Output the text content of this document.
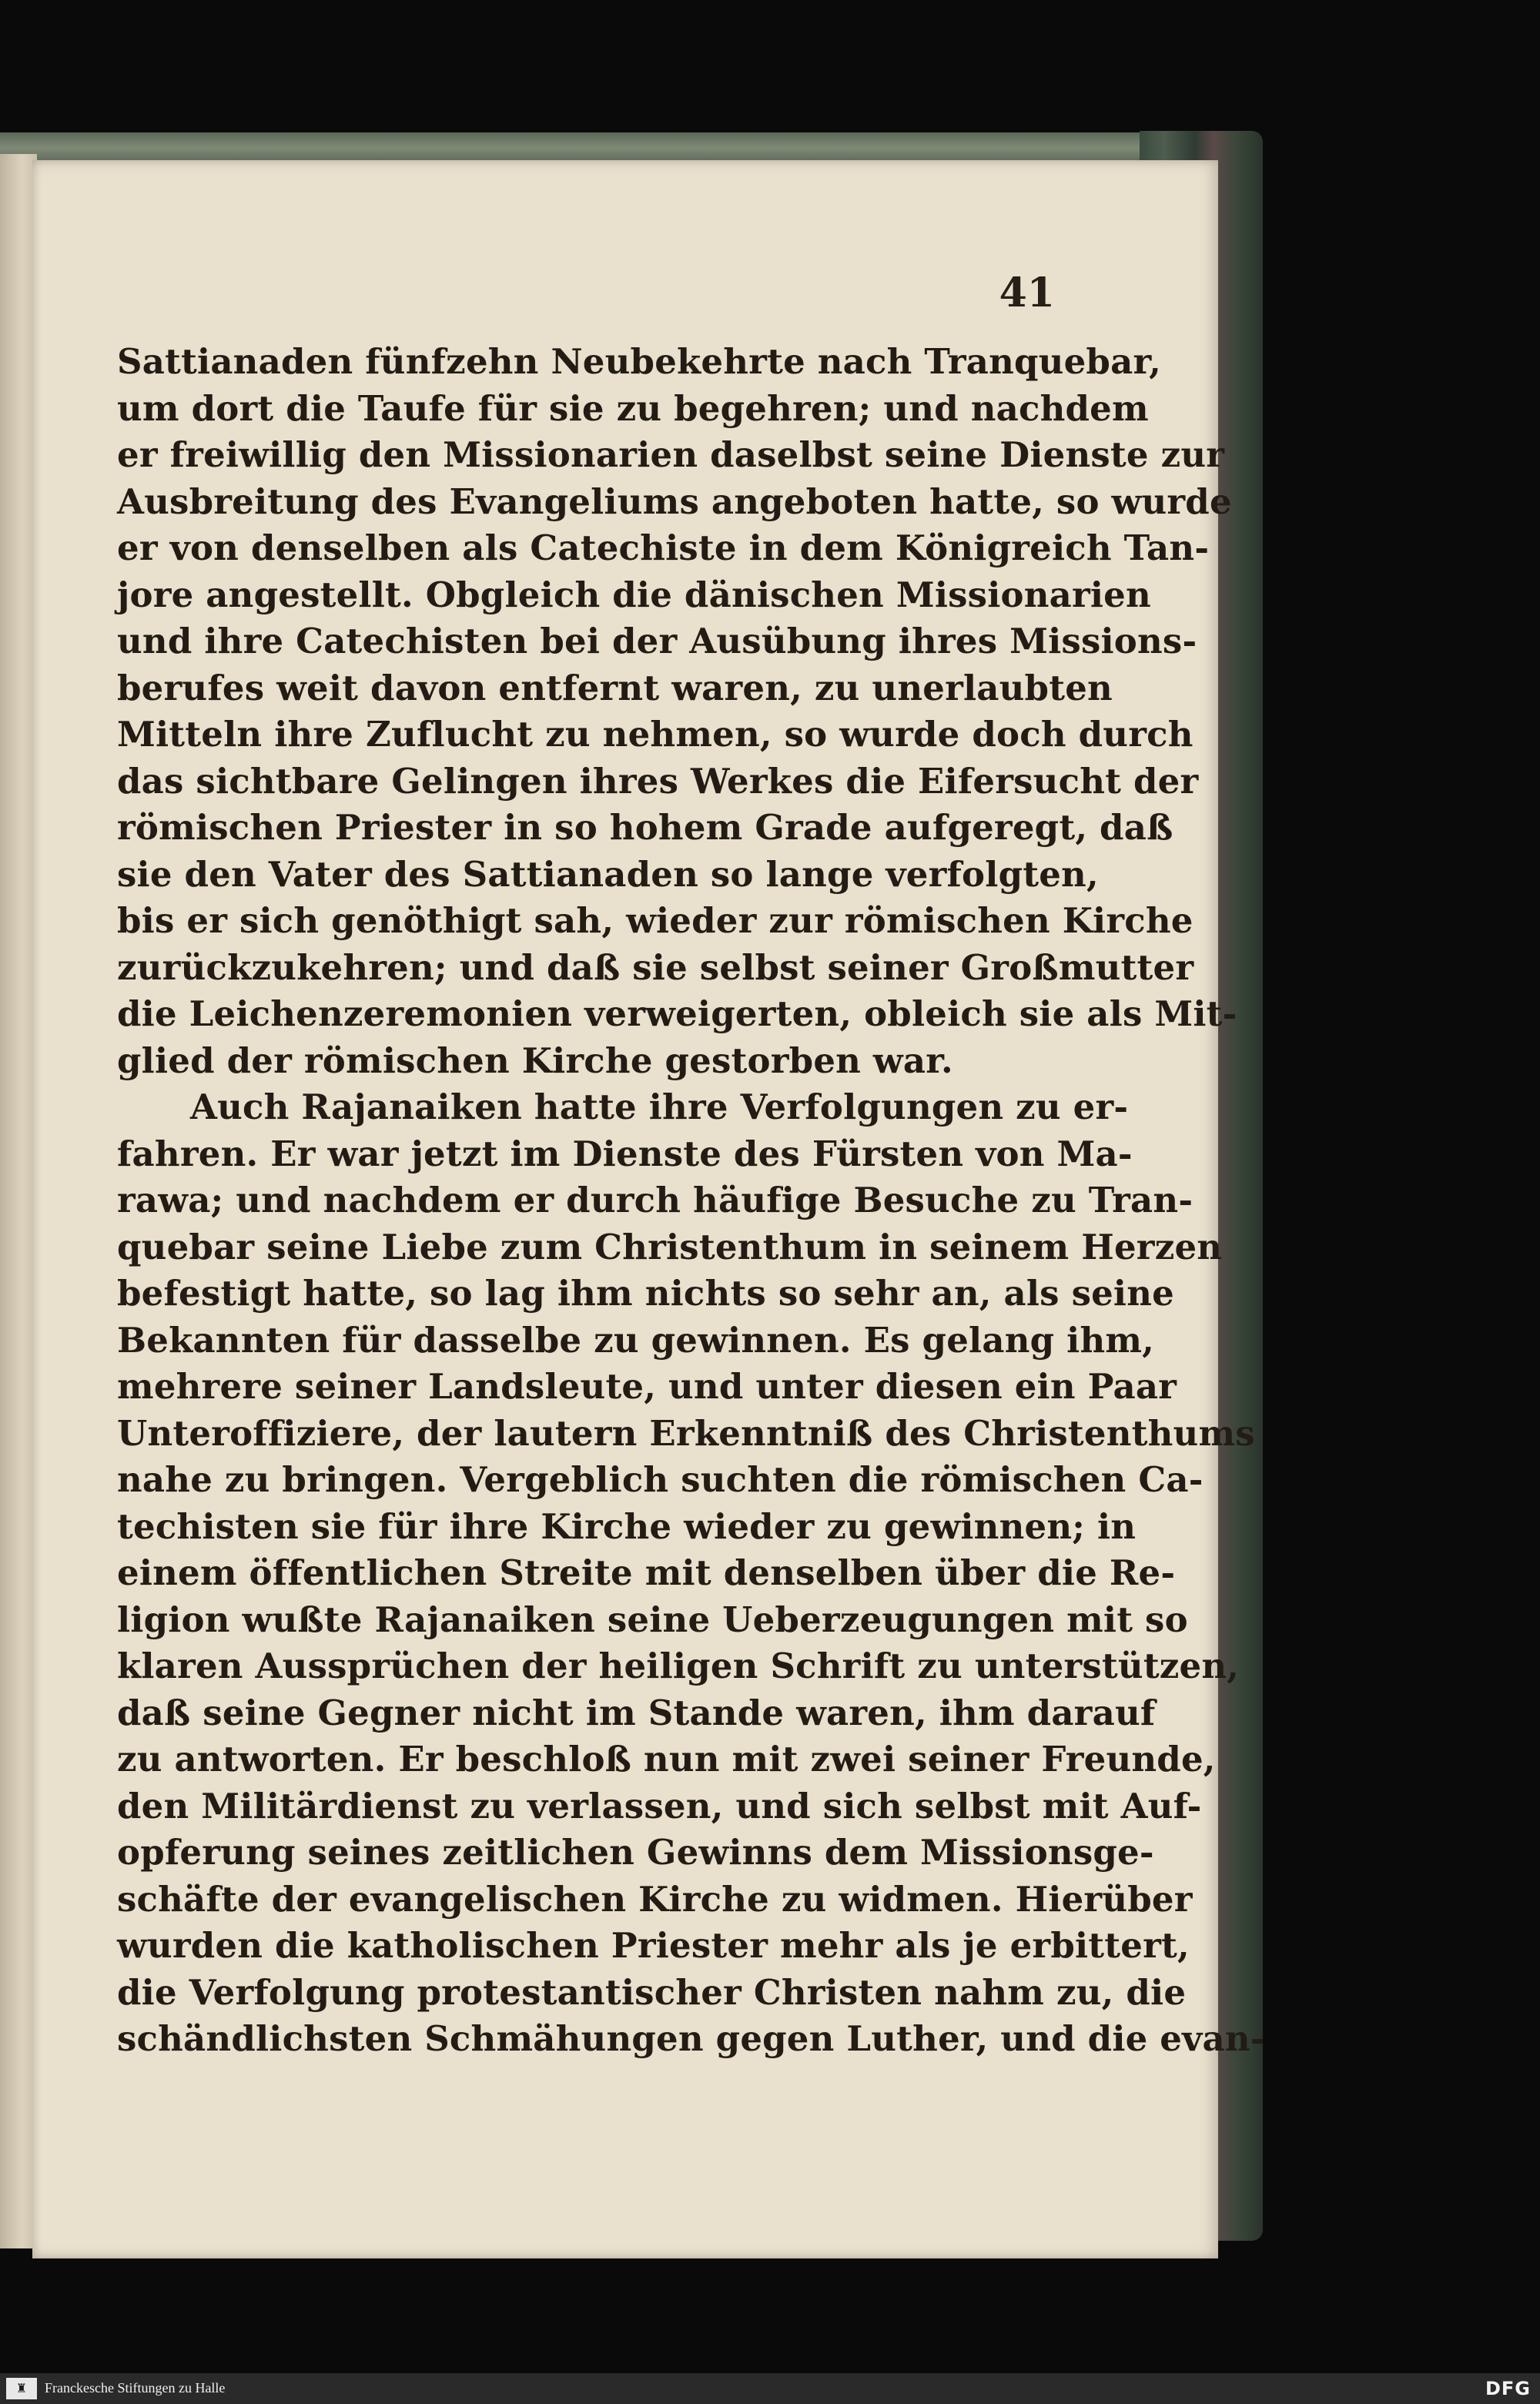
41
Sattianaden fünfzehn Neubekehrte nach Tranquebar,
um dort die Taufe für sie zu begehren; und nachdem
er freiwillig den Missionarien daselbst seine Dienste zur
Ausbreitung des Evangeliums angeboten hatte, so wurde
er von denselben als Catechiste in dem Königreich Tan-
jore angestellt. Obgleich die dänischen Missionarien
und ihre Catechisten bei der Ausübung ihres Missions-
berufes weit davon entfernt waren, zu unerlaubten
Mitteln ihre Zuflucht zu nehmen, so wurde doch durch
das sichtbare Gelingen ihres Werkes die Eifersucht der
römischen Priester in so hohem Grade aufgeregt, daß
sie den Vater des Sattianaden so lange verfolgten,
bis er sich genöthigt sah, wieder zur römischen Kirche
zurückzukehren; und daß sie selbst seiner Großmutter
die Leichenzeremonien verweigerten, obleich sie als Mit-
glied der römischen Kirche gestorben war.
Auch Rajanaiken hatte ihre Verfolgungen zu er-
fahren. Er war jetzt im Dienste des Fürsten von Ma-
rawa; und nachdem er durch häufige Besuche zu Tran-
quebar seine Liebe zum Christenthum in seinem Herzen
befestigt hatte, so lag ihm nichts so sehr an, als seine
Bekannten für dasselbe zu gewinnen. Es gelang ihm,
mehrere seiner Landsleute, und unter diesen ein Paar
Unteroffiziere, der lautern Erkenntniß des Christenthums
nahe zu bringen. Vergeblich suchten die römischen Ca-
techisten sie für ihre Kirche wieder zu gewinnen; in
einem öffentlichen Streite mit denselben über die Re-
ligion wußte Rajanaiken seine Ueberzeugungen mit so
klaren Aussprüchen der heiligen Schrift zu unterstützen,
daß seine Gegner nicht im Stande waren, ihm darauf
zu antworten. Er beschloß nun mit zwei seiner Freunde,
den Militärdienst zu verlassen, und sich selbst mit Auf-
opferung seines zeitlichen Gewinns dem Missionsge-
schäfte der evangelischen Kirche zu widmen. Hierüber
wurden die katholischen Priester mehr als je erbittert,
die Verfolgung protestantischer Christen nahm zu, die
schändlichsten Schmähungen gegen Luther, und die evan-
♜	Franckesche Stiftungen zu Halle	DFG
